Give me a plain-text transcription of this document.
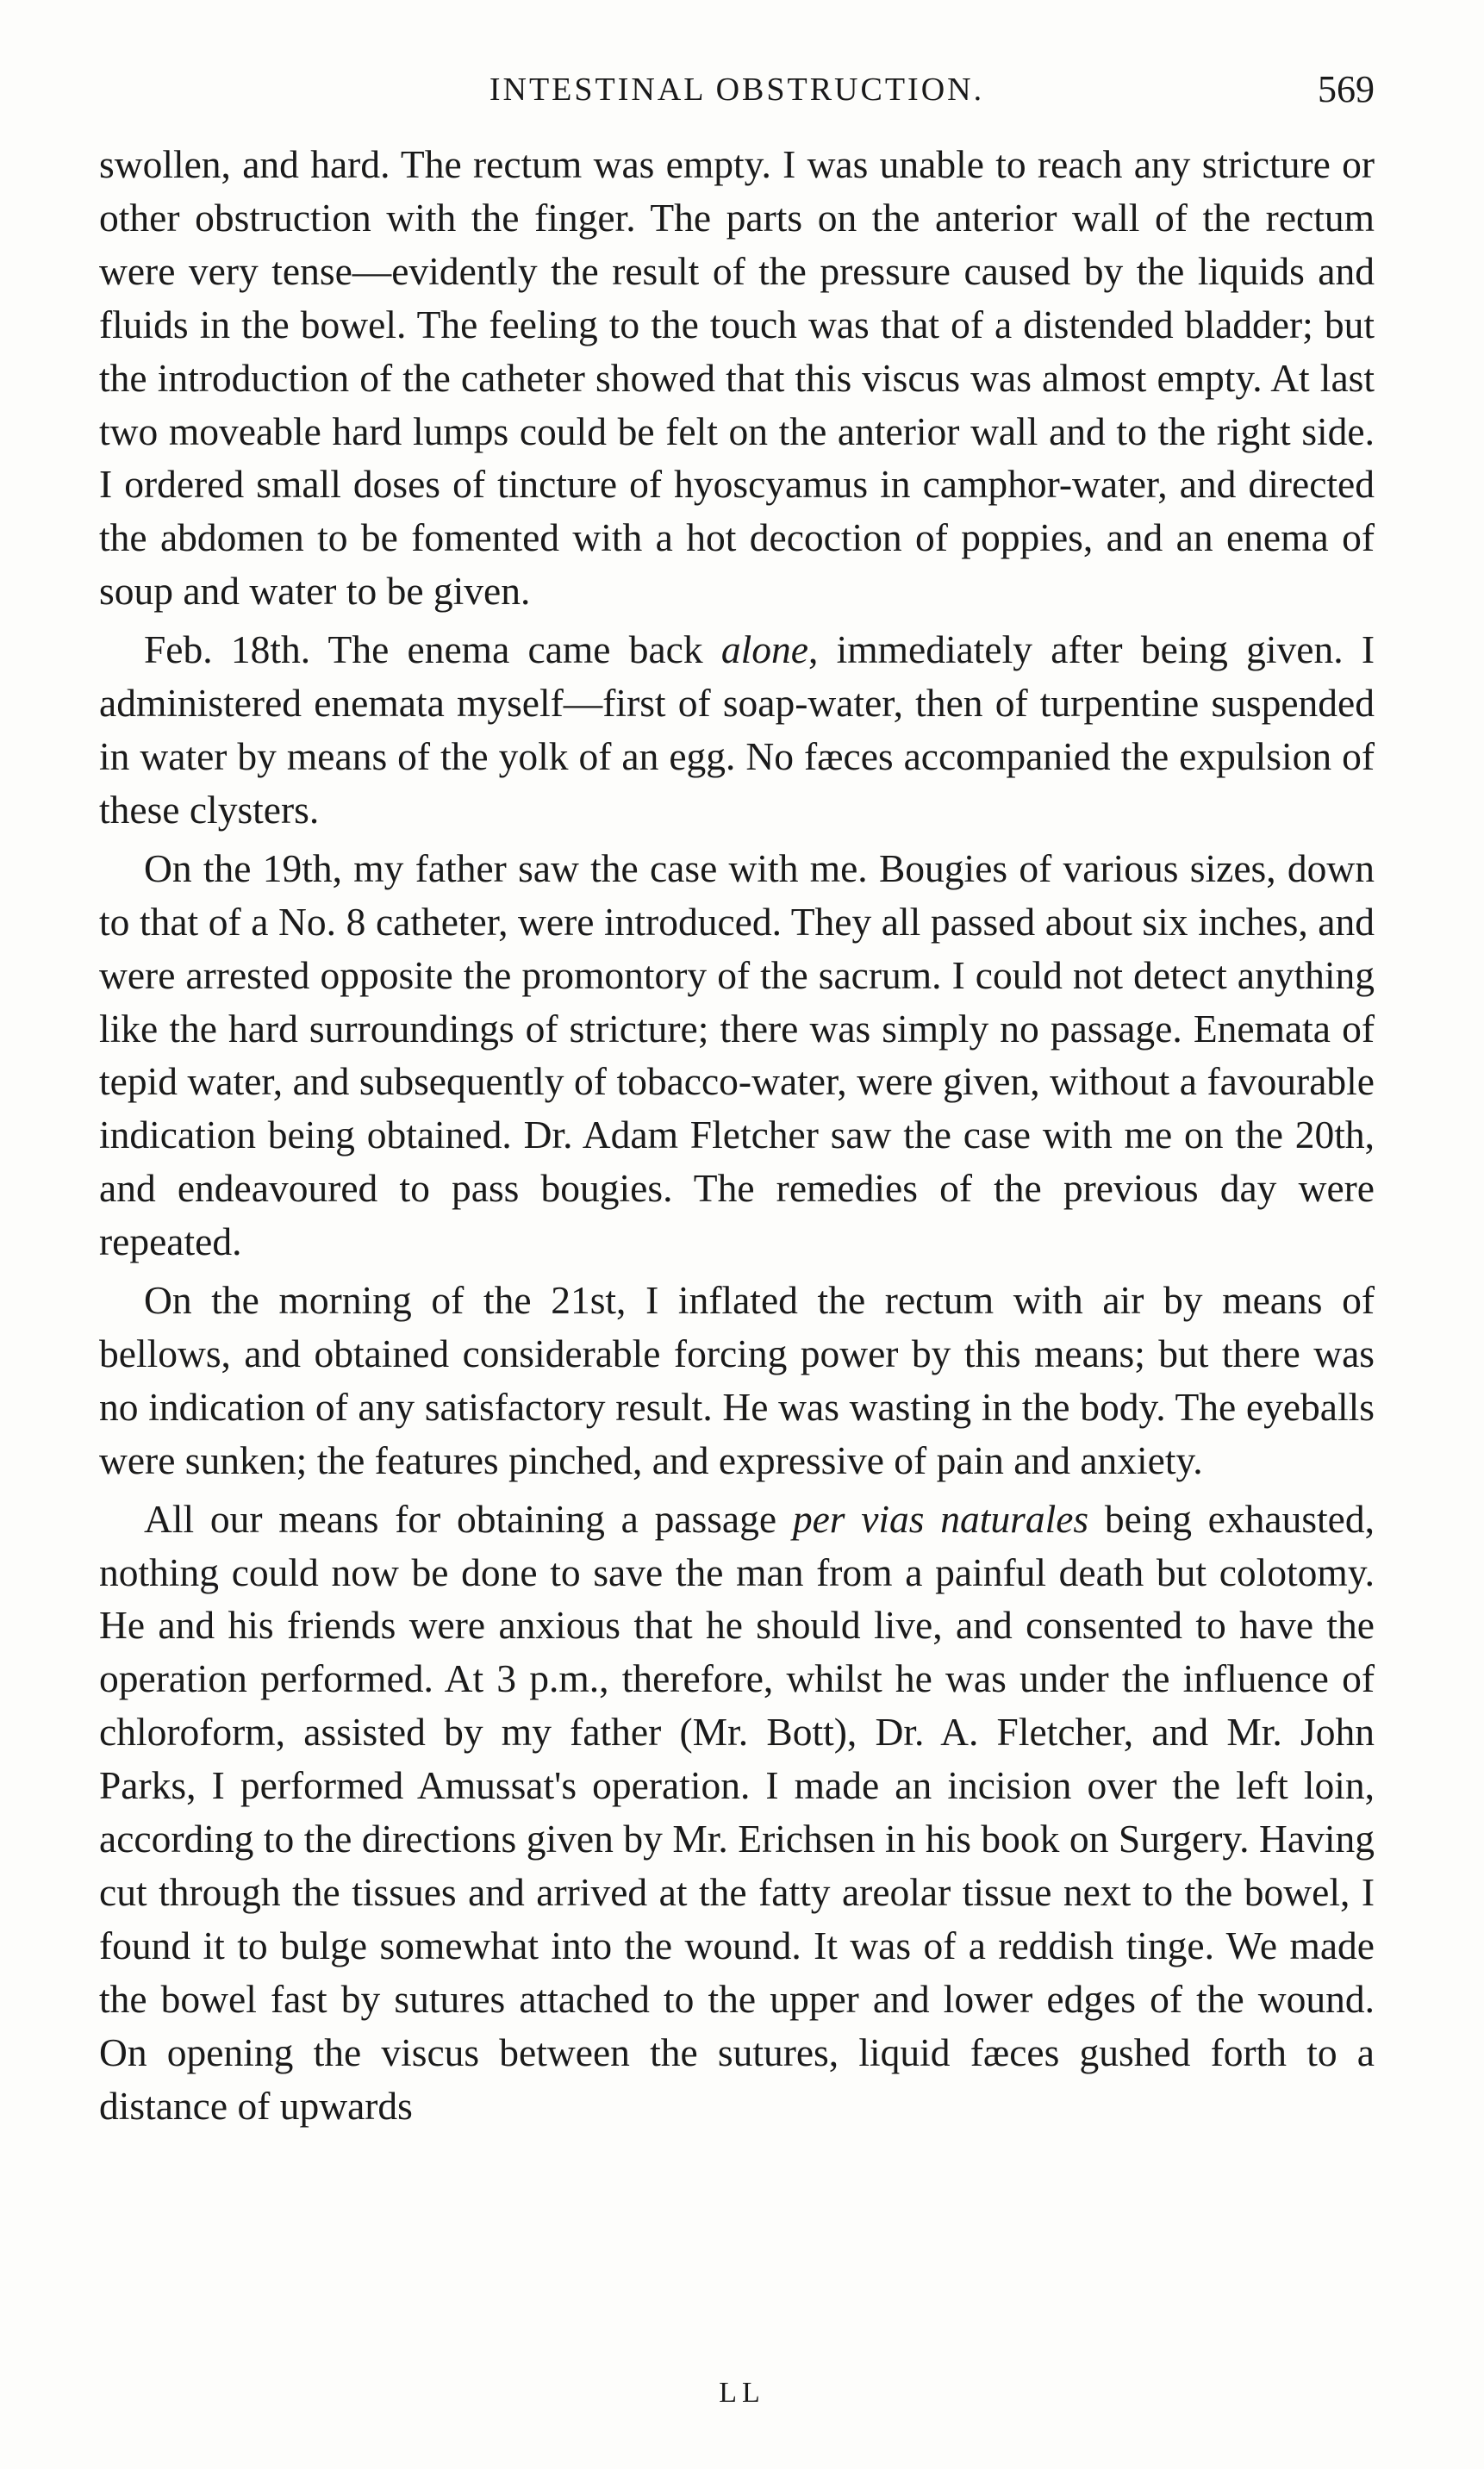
INTESTINAL OBSTRUCTION.	569

swollen, and hard. The rectum was empty. I was unable to reach any stricture or other obstruction with the finger. The parts on the anterior wall of the rectum were very tense—evidently the result of the pressure caused by the liquids and fluids in the bowel. The feeling to the touch was that of a distended bladder; but the introduction of the catheter showed that this viscus was almost empty. At last two moveable hard lumps could be felt on the anterior wall and to the right side. I ordered small doses of tincture of hyoscyamus in camphor-water, and directed the abdomen to be fomented with a hot decoction of poppies, and an enema of soup and water to be given.

Feb. 18th. The enema came back alone, immediately after being given. I administered enemata myself—first of soap-water, then of turpentine suspended in water by means of the yolk of an egg. No fæces accompanied the expulsion of these clysters.

On the 19th, my father saw the case with me. Bougies of various sizes, down to that of a No. 8 catheter, were introduced. They all passed about six inches, and were arrested opposite the promontory of the sacrum. I could not detect anything like the hard surroundings of stricture; there was simply no passage. Enemata of tepid water, and subsequently of tobacco-water, were given, without a favourable indication being obtained. Dr. Adam Fletcher saw the case with me on the 20th, and endeavoured to pass bougies. The remedies of the previous day were repeated.

On the morning of the 21st, I inflated the rectum with air by means of bellows, and obtained considerable forcing power by this means; but there was no indication of any satisfactory result. He was wasting in the body. The eyeballs were sunken; the features pinched, and expressive of pain and anxiety.

All our means for obtaining a passage per vias naturales being exhausted, nothing could now be done to save the man from a painful death but colotomy. He and his friends were anxious that he should live, and consented to have the operation performed. At 3 p.m., therefore, whilst he was under the influence of chloroform, assisted by my father (Mr. Bott), Dr. A. Fletcher, and Mr. John Parks, I performed Amussat's operation. I made an incision over the left loin, according to the directions given by Mr. Erichsen in his book on Surgery. Having cut through the tissues and arrived at the fatty areolar tissue next to the bowel, I found it to bulge somewhat into the wound. It was of a reddish tinge. We made the bowel fast by sutures attached to the upper and lower edges of the wound. On opening the viscus between the sutures, liquid fæces gushed forth to a distance of upwards

LL
